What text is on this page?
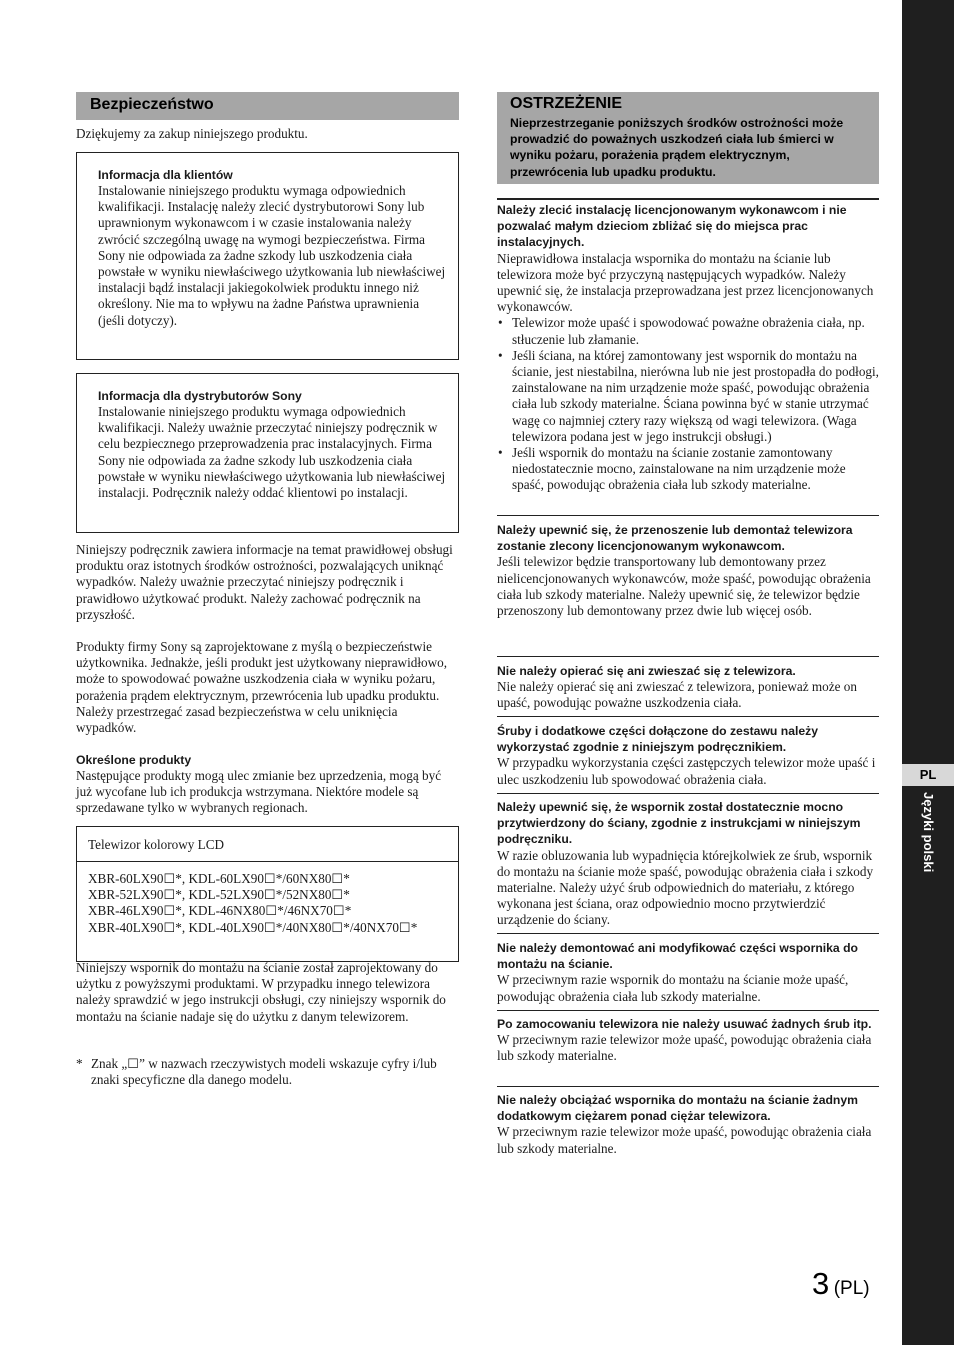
PL
Języki polski
Bezpieczeństwo

Dziękujemy za zakup niniejszego produktu.

Informacja dla klientów

Instalowanie niniejszego produktu wymaga odpowiednich kwalifikacji. Instalację należy zlecić dystrybutorowi Sony lub uprawnionym wykonawcom i w czasie instalowania należy zwrócić szczególną uwagę na wymogi bezpieczeństwa. Firma Sony nie odpowiada za żadne szkody lub uszkodzenia ciała powstałe w wyniku niewłaściwego użytkowania lub niewłaściwej instalacji bądź instalacji jakiegokolwiek produktu innego niż określony. Nie ma to wpływu na żadne Państwa uprawnienia (jeśli dotyczy).

Informacja dla dystrybutorów Sony

Instalowanie niniejszego produktu wymaga odpowiednich kwalifikacji. Należy uważnie przeczytać niniejszy podręcznik w celu bezpiecznego przeprowadzenia prac instalacyjnych. Firma Sony nie odpowiada za żadne szkody lub uszkodzenia ciała powstałe w wyniku niewłaściwego użytkowania lub niewłaściwej instalacji. Podręcznik należy oddać klientowi po instalacji.

Niniejszy podręcznik zawiera informacje na temat prawidłowej obsługi produktu oraz istotnych środków ostrożności, pozwalających uniknąć wypadków. Należy uważnie przeczytać niniejszy podręcznik i prawidłowo użytkować produkt. Należy zachować podręcznik na przyszłość.

Produkty firmy Sony są zaprojektowane z myślą o bezpieczeństwie użytkownika. Jednakże, jeśli produkt jest użytkowany nieprawidłowo, może to spowodować poważne uszkodzenia ciała w wyniku pożaru, porażenia prądem elektrycznym, przewrócenia lub upadku produktu. Należy przestrzegać zasad bezpieczeństwa w celu uniknięcia wypadków.

Określone produkty

Następujące produkty mogą ulec zmianie bez uprzedzenia, mogą być już wycofane lub ich produkcja wstrzymana. Niektóre modele są sprzedawane tylko w wybranych regionach.

Telewizor kolorowy LCD
XBR-60LX90☐*, KDL-60LX90☐*/60NX80☐*
XBR-52LX90☐*, KDL-52LX90☐*/52NX80☐*
XBR-46LX90☐*, KDL-46NX80☐*/46NX70☐*
XBR-40LX90☐*, KDL-40LX90☐*/40NX80☐*/40NX70☐*

Niniejszy wspornik do montażu na ścianie został zaprojektowany do użytku z powyższymi produktami. W przypadku innego telewizora należy sprawdzić w jego instrukcji obsługi, czy niniejszy wspornik do montażu na ścianie nadaje się do użytku z danym telewizorem.

* Znak „☐” w nazwach rzeczywistych modeli wskazuje cyfry i/lub znaki specyficzne dla danego modelu.
OSTRZEŻENIE
Nieprzestrzeganie poniższych środków ostrożności może prowadzić do poważnych uszkodzeń ciała lub śmierci w wyniku pożaru, porażenia prądem elektrycznym, przewrócenia lub upadku produktu.
Należy zlecić instalację licencjonowanym wykonawcom i nie pozwalać małym dzieciom zbliżać się do miejsca prac instalacyjnych.

Nieprawidłowa instalacja wspornika do montażu na ścianie lub telewizora może być przyczyną następujących wypadków. Należy upewnić się, że instalacja przeprowadzana jest przez licencjonowanych wykonawców.

• Telewizor może upaść i spowodować poważne obrażenia ciała, np. stłuczenie lub złamanie.
• Jeśli ściana, na której zamontowany jest wspornik do montażu na ścianie, jest niestabilna, nierówna lub nie jest prostopadła do podłogi, zainstalowane na nim urządzenie może spaść, powodując obrażenia ciała lub szkody materialne. Ściana powinna być w stanie utrzymać wagę co najmniej cztery razy większą od wagi telewizora. (Waga telewizora podana jest w jego instrukcji obsługi.)
• Jeśli wspornik do montażu na ścianie zostanie zamontowany niedostatecznie mocno, zainstalowane na nim urządzenie może spaść, powodując obrażenia ciała lub szkody materialne.
Należy upewnić się, że przenoszenie lub demontaż telewizora zostanie zlecony licencjonowanym wykonawcom.

Jeśli telewizor będzie transportowany lub demontowany przez nielicencjonowanych wykonawców, może spaść, powodując obrażenia ciała lub szkody materialne. Należy upewnić się, że telewizor będzie przenoszony lub demontowany przez dwie lub więcej osób.

Nie należy opierać się ani zwieszać się z telewizora.

Nie należy opierać się ani zwieszać z telewizora, ponieważ może on upaść, powodując poważne uszkodzenia ciała.

Śruby i dodatkowe części dołączone do zestawu należy wykorzystać zgodnie z niniejszym podręcznikiem.

W przypadku wykorzystania części zastępczych telewizor może upaść i ulec uszkodzeniu lub spowodować obrażenia ciała.

Należy upewnić się, że wspornik został dostatecznie mocno przytwierdzony do ściany, zgodnie z instrukcjami w niniejszym podręczniku.

W razie obluzowania lub wypadnięcia którejkolwiek ze śrub, wspornik do montażu na ścianie może spaść, powodując obrażenia ciała i szkody materialne. Należy użyć śrub odpowiednich do materiału, z którego wykonana jest ściana, oraz odpowiednio mocno przytwierdzić urządzenie do ściany.

Nie należy demontować ani modyfikować części wspornika do montażu na ścianie.

W przeciwnym razie wspornik do montażu na ścianie może upaść, powodując obrażenia ciała lub szkody materialne.

Po zamocowaniu telewizora nie należy usuwać żadnych śrub itp.

W przeciwnym razie telewizor może upaść, powodując obrażenia ciała lub szkody materialne.

Nie należy obciążać wspornika do montażu na ścianie żadnym dodatkowym ciężarem ponad ciężar telewizora.

W przeciwnym razie telewizor może upaść, powodując obrażenia ciała lub szkody materialne.

3 (PL)
